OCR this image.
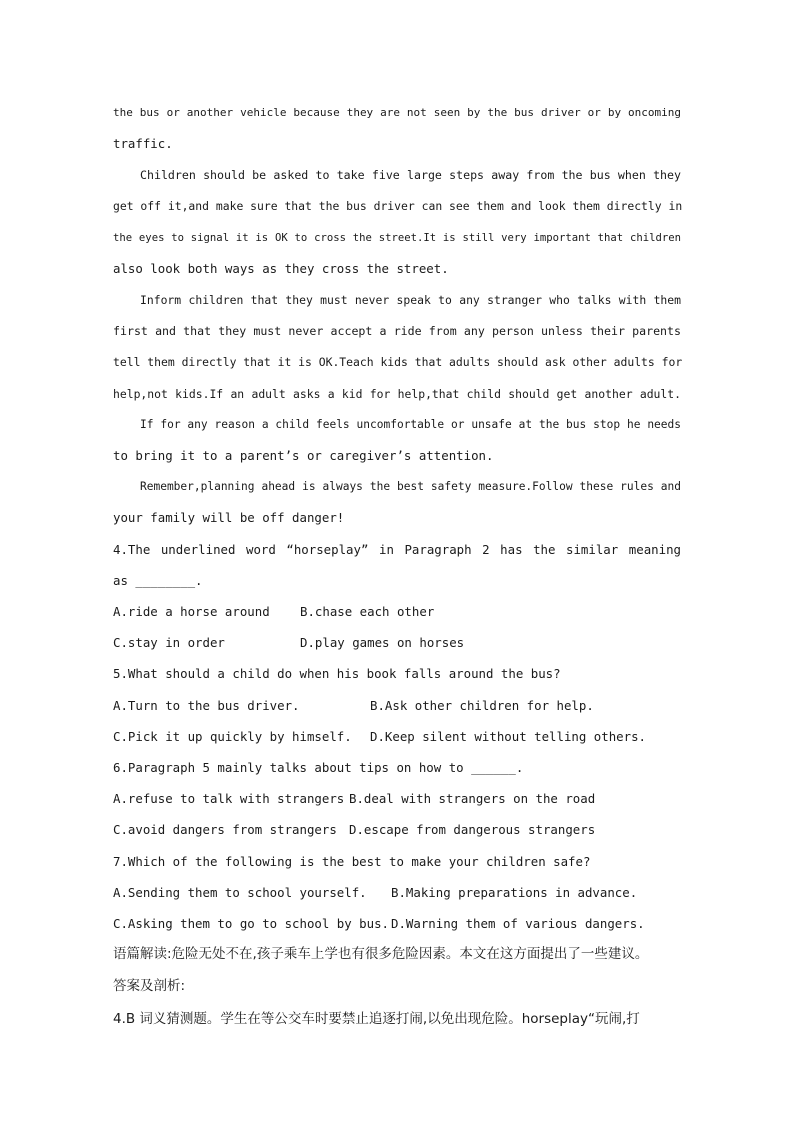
the bus or another vehicle because they are not seen by the bus driver or by oncoming
traffic.
Children should be asked to take five large steps away from the bus when they
get off it,and make sure that the bus driver can see them and look them directly in
the eyes to signal it is OK to cross the street.It is still very important that children
also look both ways as they cross the street.
Inform children that they must never speak to any stranger who talks with them
first and that they must never accept a ride from any person unless their parents
tell them directly that it is OK.Teach kids that adults should ask other adults for
help,not kids.If an adult asks a kid for help,that child should get another adult.
If for any reason a child feels uncomfortable or unsafe at the bus stop he needs
to bring it to a parent’s or caregiver’s attention.
Remember,planning ahead is always the best safety measure.Follow these rules and
your family will be off danger!
4.The underlined word “horseplay” in Paragraph 2 has the similar meaning
as ________.
A.ride a horse around B.chase each other
C.stay in order	D.play games on horses
5.What should a child do when his book falls around the bus?
A.Turn to the bus driver.	B.Ask other children for help.
C.Pick it up quickly by himself. D.Keep silent without telling others.
6.Paragraph 5 mainly talks about tips on how to ______.
A.refuse to talk with strangers B.deal with strangers on the road
C.avoid dangers from strangers D.escape from dangerous strangers
7.Which of the following is the best to make your children safe?
A.Sending them to school yourself. B.Making preparations in advance.
C.Asking them to go to school by bus. D.Warning them of various dangers.
语篇解读:危险无处不在,孩子乘车上学也有很多危险因素。本文在这方面提出了一些建议。
答案及剖析:
4.B 词义猜测题。学生在等公交车时要禁止追逐打闹,以免出现危险。horseplay“玩闹,打
